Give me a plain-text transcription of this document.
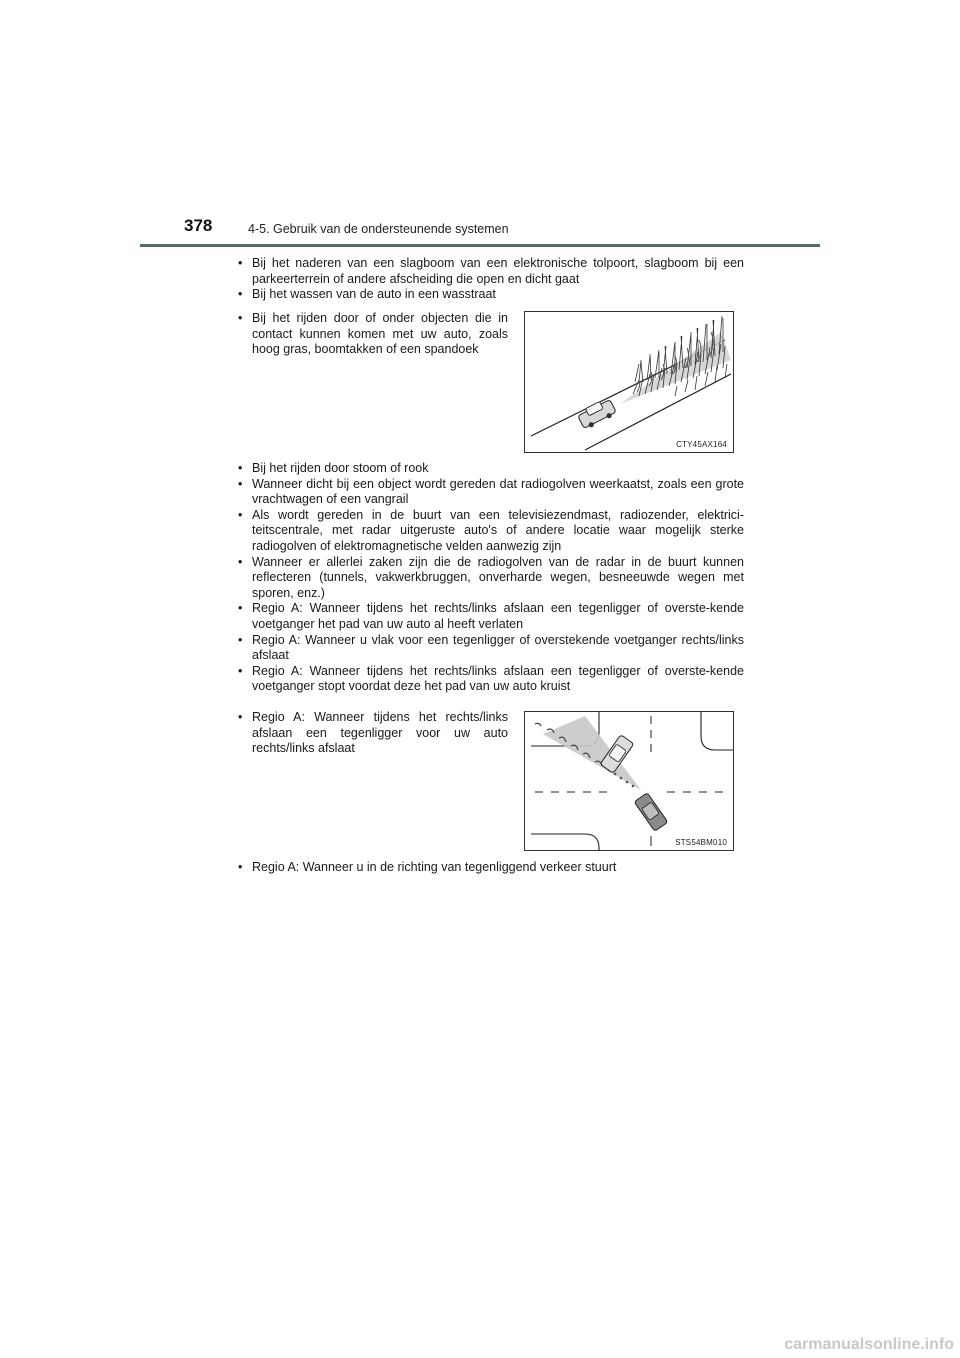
378	4-5. Gebruik van de ondersteunende systemen
• Bij het naderen van een slagboom van een elektronische tolpoort, slagboom bij een parkeerterrein of andere afscheiding die open en dicht gaat
• Bij het wassen van de auto in een wasstraat
• Bij het rijden door of onder objecten die in contact kunnen komen met uw auto, zoals hoog gras, boomtakken of een spandoek
CTY45AX164
• Bij het rijden door stoom of rook
• Wanneer dicht bij een object wordt gereden dat radiogolven weerkaatst, zoals een grote vrachtwagen of een vangrail
• Als wordt gereden in de buurt van een televisiezendmast, radiozender, elektrici-teitscentrale, met radar uitgeruste auto's of andere locatie waar mogelijk sterke radiogolven of elektromagnetische velden aanwezig zijn
• Wanneer er allerlei zaken zijn die de radiogolven van de radar in de buurt kunnen reflecteren (tunnels, vakwerkbruggen, onverharde wegen, besneeuwde wegen met sporen, enz.)
• Regio A: Wanneer tijdens het rechts/links afslaan een tegenligger of overste-kende voetganger het pad van uw auto al heeft verlaten
• Regio A: Wanneer u vlak voor een tegenligger of overstekende voetganger rechts/links afslaat
• Regio A: Wanneer tijdens het rechts/links afslaan een tegenligger of overste-kende voetganger stopt voordat deze het pad van uw auto kruist
• Regio A: Wanneer tijdens het rechts/links afslaan een tegenligger voor uw auto rechts/links afslaat
STS54BM010
• Regio A: Wanneer u in de richting van tegenliggend verkeer stuurt
carmanualsonline.info
